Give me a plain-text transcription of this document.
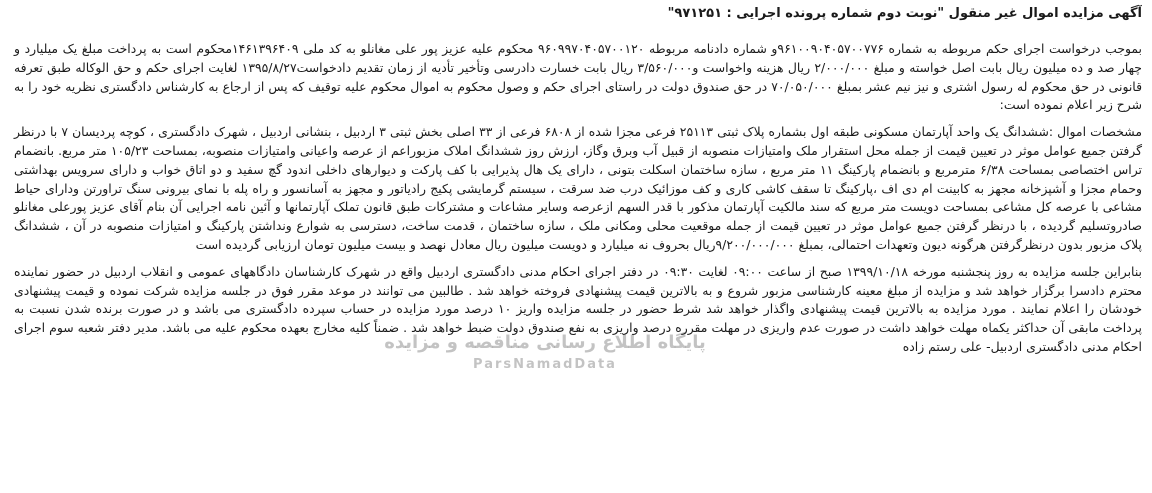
آگهی مزایده اموال غیر منقول "نوبت دوم شماره پرونده اجرایی : ۹۷۱۲۵۱"

بموجب درخواست اجرای حکم مربوطه به شماره ۹۶۱۰۰۹۰۴۰۵۷۰۰۷۷۶و شماره دادنامه مربوطه ۹۶۰۹۹۷۰۴۰۵۷۰۰۱۲۰ محکوم علیه عزیز پور علی مغانلو به کد ملی ۱۴۶۱۳۹۶۴۰۹محکوم است به پرداخت مبلغ یک میلیارد و چهار صد و ده میلیون ریال بابت اصل خواسته و مبلغ ۲/۰۰۰/۰۰۰ ریال هزینه واخواست و۳/۵۶۰/۰۰۰ ریال بابت خسارت دادرسی وتأخیر تأدیه از زمان تقدیم دادخواست۱۳۹۵/۸/۲۷ لغایت اجرای حکم و حق الوکاله طبق تعرفه قانونی در حق محکوم له رسول اشتری و نیز نیم عشر بمبلغ ۷۰/۰۵۰/۰۰۰ در حق صندوق دولت در راستای اجرای حکم و وصول محکوم به اموال محکوم علیه توقیف که پس از ارجاع به کارشناس دادگستری نظریه خود را به شرح زیر اعلام نموده است:

مشخصات اموال :ششدانگ یک واحد آپارتمان مسکونی طبقه اول بشماره پلاک ثبتی ۲۵۱۱۳ فرعی مجزا شده از ۶۸۰۸ فرعی از ۳۳ اصلی بخش ثبتی ۳ اردبیل ، بنشانی اردبیل ، شهرک دادگستری ، کوچه پردیسان ۷ با درنظر گرفتن جمیع عوامل موثر در تعیین قیمت از جمله محل استقرار ملک وامتیازات منصوبه از قبیل آب وبرق وگاز، ارزش روز ششدانگ املاک مزبوراعم از عرصه واعیانی وامتیازات منصوبه، بمساحت ۱۰۵/۲۳ متر مربع. بانضمام تراس اختصاصی بمساحت ۶/۳۸ مترمربع و بانضمام پارکینگ ۱۱ متر مربع ، سازه ساختمان اسکلت بتونی ، دارای یک هال پذیرایی با کف پارکت و دیوارهای داخلی اندود گچ سفید و دو اتاق خواب و دارای سرویس بهداشتی وحمام مجزا و آشپزخانه مجهز به کابینت ام دی اف ،پارکینگ تا سقف کاشی کاری و کف موزائیک درب ضد سرقت ، سیستم گرمایشی پکیج رادیاتور و مجهز به آسانسور و راه پله با نمای بیرونی سنگ تراورتن ودارای حیاط مشاعی با عرصه کل مشاعی بمساحت دویست متر مربع که سند مالکیت آپارتمان مذکور با قدر السهم ازعرصه وسایر مشاعات و مشترکات طبق قانون تملک آپارتمانها و آئین نامه اجرایی آن بنام آقای عزیز پورعلی مغانلو صادروتسلیم گردیده ، با درنظر گرفتن جمیع عوامل موثر در تعیین قیمت از جمله موقعیت محلی ومکانی ملک ، سازه ساختمان ، قدمت ساخت، دسترسی به شوارع ونداشتن پارکینگ و امتیازات منصوبه در آن ، ششدانگ پلاک مزبور بدون درنظرگرفتن هرگونه دیون وتعهدات احتمالی، بمبلغ ۹/۲۰۰/۰۰۰/۰۰۰ریال بحروف نه میلیارد و دویست میلیون ریال معادل نهصد و بیست میلیون تومان ارزیابی گردیده است

بنابراین جلسه مزایده به روز پنجشنبه مورخه ۱۳۹۹/۱۰/۱۸ صبح از ساعت ۰۹:۰۰ لغایت ۰۹:۳۰ در دفتر اجرای احکام مدنی دادگستری اردبیل واقع در شهرک کارشناسان دادگاههای عمومی و انقلاب اردبیل در حضور نماینده محترم دادسرا برگزار خواهد شد و مزایده از مبلغ معینه کارشناسی مزبور شروع و به بالاترین قیمت پیشنهادی فروخته خواهد شد . طالبین می توانند در موعد مقرر فوق در جلسه مزایده شرکت نموده و قیمت پیشنهادی خودشان را اعلام نمایند . مورد مزایده به بالاترین قیمت پیشنهادی واگذار خواهد شد شرط حضور در جلسه مزایده واریز ۱۰ درصد مورد مزایده در حساب سپرده دادگستری می باشد و در صورت برنده شدن نسبت به پرداخت مابقی آن حداکثر یکماه مهلت خواهد داشت در صورت عدم واریزی در مهلت مقرره درصد واریزی به نفع صندوق دولت ضبط خواهد شد . ضمناً کلیه مخارج بعهده محکوم علیه می باشد. مدیر دفتر شعبه سوم اجرای احکام مدنی دادگستری اردبیل- علی رستم زاده

پایگاه اطلاع رسانی مناقصه و مزایده
ParsNamadData
